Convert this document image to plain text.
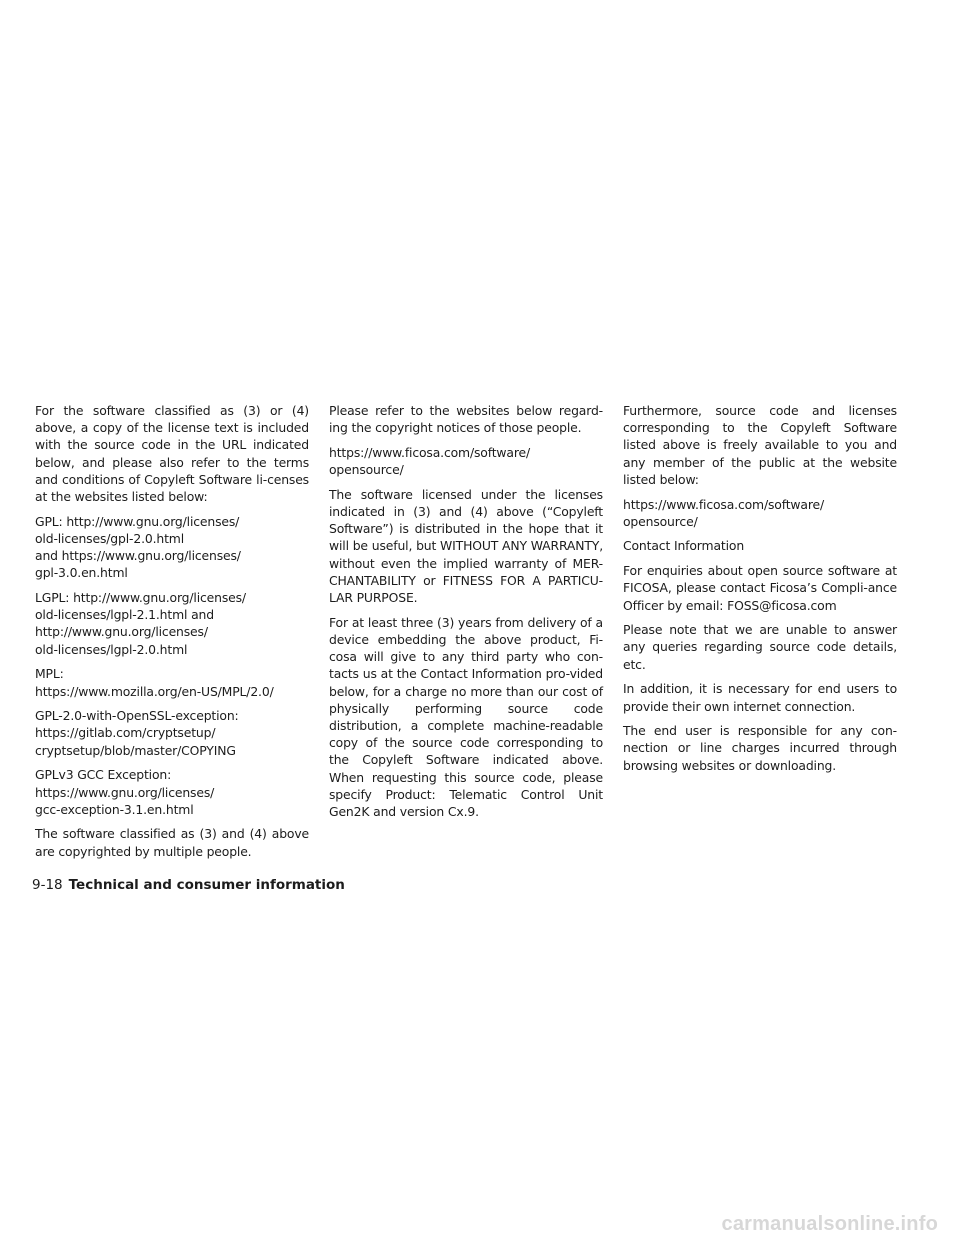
For the software classified as (3) or (4) above, a copy of the license text is included with the source code in the URL indicated below, and please also refer to the terms and conditions of Copyleft Software li-censes at the websites listed below:

GPL: http://www.gnu.org/licenses/
old-licenses/gpl-2.0.html
and https://www.gnu.org/licenses/
gpl-3.0.en.html

LGPL: http://www.gnu.org/licenses/
old-licenses/lgpl-2.1.html and
http://www.gnu.org/licenses/
old-licenses/lgpl-2.0.html

MPL:
https://www.mozilla.org/en-US/MPL/2.0/

GPL-2.0-with-OpenSSL-exception:
https://gitlab.com/cryptsetup/
cryptsetup/blob/master/COPYING

GPLv3 GCC Exception:
https://www.gnu.org/licenses/
gcc-exception-3.1.en.html

The software classified as (3) and (4) above are copyrighted by multiple people.

Please refer to the websites below regard-ing the copyright notices of those people.

https://www.ficosa.com/software/
opensource/

The software licensed under the licenses indicated in (3) and (4) above (“Copyleft Software”) is distributed in the hope that it will be useful, but WITHOUT ANY WARRANTY, without even the implied warranty of MER-CHANTABILITY or FITNESS FOR A PARTICU-LAR PURPOSE.

For at least three (3) years from delivery of a device embedding the above product, Fi-cosa will give to any third party who con-tacts us at the Contact Information pro-vided below, for a charge no more than our cost of physically performing source code distribution, a complete machine-readable copy of the source code corresponding to the Copyleft Software indicated above. When requesting this source code, please specify Product: Telematic Control Unit Gen2K and version Cx.9.

Furthermore, source code and licenses corresponding to the Copyleft Software listed above is freely available to you and any member of the public at the website listed below:

https://www.ficosa.com/software/
opensource/

Contact Information

For enquiries about open source software at FICOSA, please contact Ficosa’s Compli-ance Officer by email: FOSS@ficosa.com

Please note that we are unable to answer any queries regarding source code details, etc.

In addition, it is necessary for end users to provide their own internet connection.

The end user is responsible for any con-nection or line charges incurred through browsing websites or downloading.

9-18 Technical and consumer information
carmanualsonline.info
